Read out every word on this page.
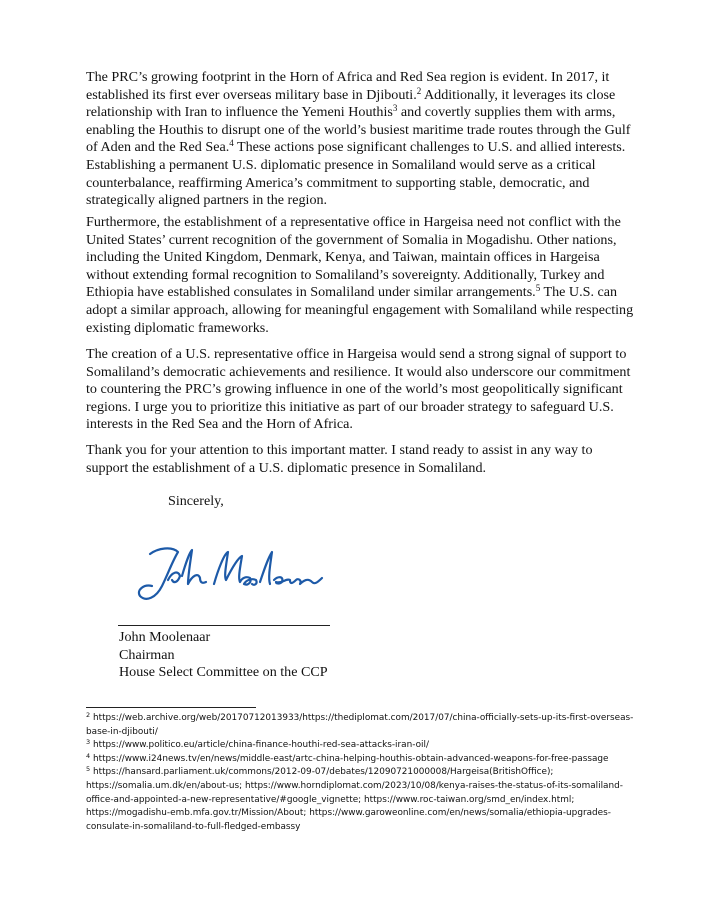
The PRC’s growing footprint in the Horn of Africa and Red Sea region is evident. In 2017, it
established its first ever overseas military base in Djibouti.$^2$ Additionally, it leverages its close
relationship with Iran to influence the Yemeni Houthis$^3$ and covertly supplies them with arms,
enabling the Houthis to disrupt one of the world’s busiest maritime trade routes through the Gulf
of Aden and the Red Sea.$^4$ These actions pose significant challenges to U.S. and allied interests.
Establishing a permanent U.S. diplomatic presence in Somaliland would serve as a critical
counterbalance, reaffirming America’s commitment to supporting stable, democratic, and
strategically aligned partners in the region.

Furthermore, the establishment of a representative office in Hargeisa need not conflict with the
United States’ current recognition of the government of Somalia in Mogadishu. Other nations,
including the United Kingdom, Denmark, Kenya, and Taiwan, maintain offices in Hargeisa
without extending formal recognition to Somaliland’s sovereignty. Additionally, Turkey and
Ethiopia have established consulates in Somaliland under similar arrangements.$^5$ The U.S. can
adopt a similar approach, allowing for meaningful engagement with Somaliland while respecting
existing diplomatic frameworks.

The creation of a U.S. representative office in Hargeisa would send a strong signal of support to
Somaliland’s democratic achievements and resilience. It would also underscore our commitment
to countering the PRC’s growing influence in one of the world’s most geopolitically significant
regions. I urge you to prioritize this initiative as part of our broader strategy to safeguard U.S.
interests in the Red Sea and the Horn of Africa.

Thank you for your attention to this important matter. I stand ready to assist in any way to
support the establishment of a U.S. diplomatic presence in Somaliland.

Sincerely,
John Moolenaar
Chairman
House Select Committee on the CCP
$^2$ https://web.archive.org/web/20170712013933/https://thediplomat.com/2017/07/china-officially-sets-up-its-first-overseas-
base-in-djibouti/
$^3$ https://www.politico.eu/article/china-finance-houthi-red-sea-attacks-iran-oil/
$^4$ https://www.i24news.tv/en/news/middle-east/artc-china-helping-houthis-obtain-advanced-weapons-for-free-passage
$^5$ https://hansard.parliament.uk/commons/2012-09-07/debates/12090721000008/Hargeisa(BritishOffice);
https://somalia.um.dk/en/about-us; https://www.horndiplomat.com/2023/10/08/kenya-raises-the-status-of-its-somaliland-
office-and-appointed-a-new-representative/#google_vignette; https://www.roc-taiwan.org/smd_en/index.html;
https://mogadishu-emb.mfa.gov.tr/Mission/About; https://www.garoweonline.com/en/news/somalia/ethiopia-upgrades-
consulate-in-somaliland-to-full-fledged-embassy
